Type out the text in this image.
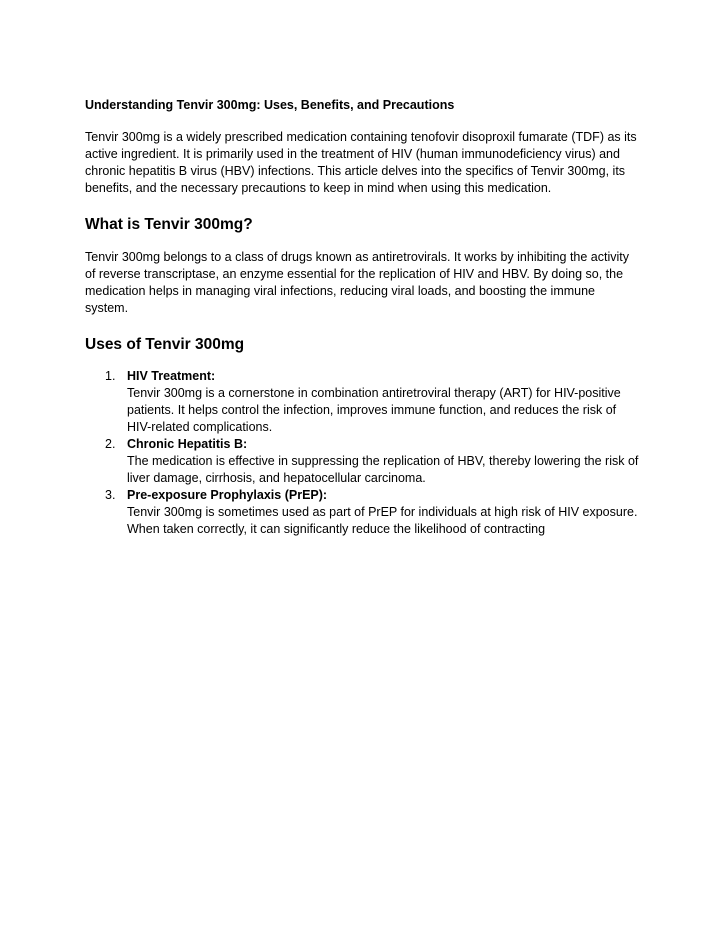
Understanding Tenvir 300mg: Uses, Benefits, and Precautions

Tenvir 300mg is a widely prescribed medication containing tenofovir disoproxil fumarate (TDF) as its active ingredient. It is primarily used in the treatment of HIV (human immunodeficiency virus) and chronic hepatitis B virus (HBV) infections. This article delves into the specifics of Tenvir 300mg, its benefits, and the necessary precautions to keep in mind when using this medication.

What is Tenvir 300mg?

Tenvir 300mg belongs to a class of drugs known as antiretrovirals. It works by inhibiting the activity of reverse transcriptase, an enzyme essential for the replication of HIV and HBV. By doing so, the medication helps in managing viral infections, reducing viral loads, and boosting the immune system.

Uses of Tenvir 300mg
1. HIV Treatment:
Tenvir 300mg is a cornerstone in combination antiretroviral therapy (ART) for HIV-positive patients. It helps control the infection, improves immune function, and reduces the risk of HIV-related complications.
2. Chronic Hepatitis B:
The medication is effective in suppressing the replication of HBV, thereby lowering the risk of liver damage, cirrhosis, and hepatocellular carcinoma.
3. Pre-exposure Prophylaxis (PrEP):
Tenvir 300mg is sometimes used as part of PrEP for individuals at high risk of HIV exposure. When taken correctly, it can significantly reduce the likelihood of contracting
